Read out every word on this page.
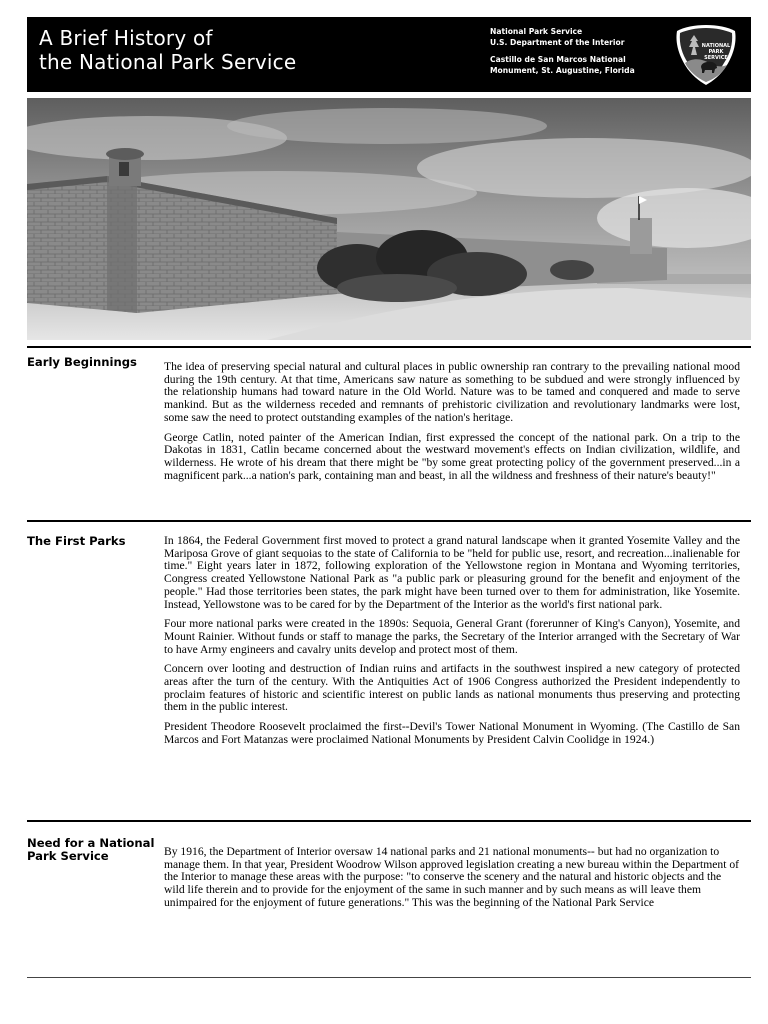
A Brief History of
the National Park Service
National Park Service
U.S. Department of the Interior
Castillo de San Marcos National
Monument, St. Augustine, Florida
NATIONAL
PARK
SERVICE
Early Beginnings	The idea of preserving special natural and cultural places in public ownership ran contrary to the prevailing national mood during the 19th century. At that time, Americans saw nature as something to be subdued and were strongly influenced by the relationship humans had toward nature in the Old World. Nature was to be tamed and conquered and made to serve mankind. But as the wilderness receded and remnants of prehistoric civilization and revolutionary landmarks were lost, some saw the need to protect outstanding examples of the nation's heritage.

George Catlin, noted painter of the American Indian, first expressed the concept of the national park. On a trip to the Dakotas in 1831, Catlin became concerned about the westward movement's effects on Indian civilization, wildlife, and wilderness. He wrote of his dream that there might be "by some great protecting policy of the government preserved...in a magnificent park...a nation's park, containing man and beast, in all the wildness and freshness of their nature's beauty!"

The First Parks	In 1864, the Federal Government first moved to protect a grand natural landscape when it granted Yosemite Valley and the Mariposa Grove of giant sequoias to the state of California to be "held for public use, resort, and recreation...inalienable for time." Eight years later in 1872, following exploration of the Yellowstone region in Montana and Wyoming territories, Congress created Yellowstone National Park as "a public park or pleasuring ground for the benefit and enjoyment of the people." Had those territories been states, the park might have been turned over to them for administration, like Yosemite. Instead, Yellowstone was to be cared for by the Department of the Interior as the world's first national park.

Four more national parks were created in the 1890s: Sequoia, General Grant (forerunner of King's Canyon), Yosemite, and Mount Rainier. Without funds or staff to manage the parks, the Secretary of the Interior arranged with the Secretary of War to have Army engineers and cavalry units develop and protect most of them.

Concern over looting and destruction of Indian ruins and artifacts in the southwest inspired a new category of protected areas after the turn of the century. With the Antiquities Act of 1906 Congress authorized the President independently to proclaim features of historic and scientific interest on public lands as national monuments thus preserving and protecting them in the public interest.

President Theodore Roosevelt proclaimed the first--Devil's Tower National Monument in Wyoming. (The Castillo de San Marcos and Fort Matanzas were proclaimed National Monuments by President Calvin Coolidge in 1924.)

Need for a National Park Service	By 1916, the Department of Interior oversaw 14 national parks and 21 national monuments-- but had no organization to manage them. In that year, President Woodrow Wilson approved legislation creating a new bureau within the Department of the Interior to manage these areas with the purpose: "to conserve the scenery and the natural and historic objects and the wild life therein and to provide for the enjoyment of the same in such manner and by such means as will leave them unimpaired for the enjoyment of future generations." This was the beginning of the National Park Service
